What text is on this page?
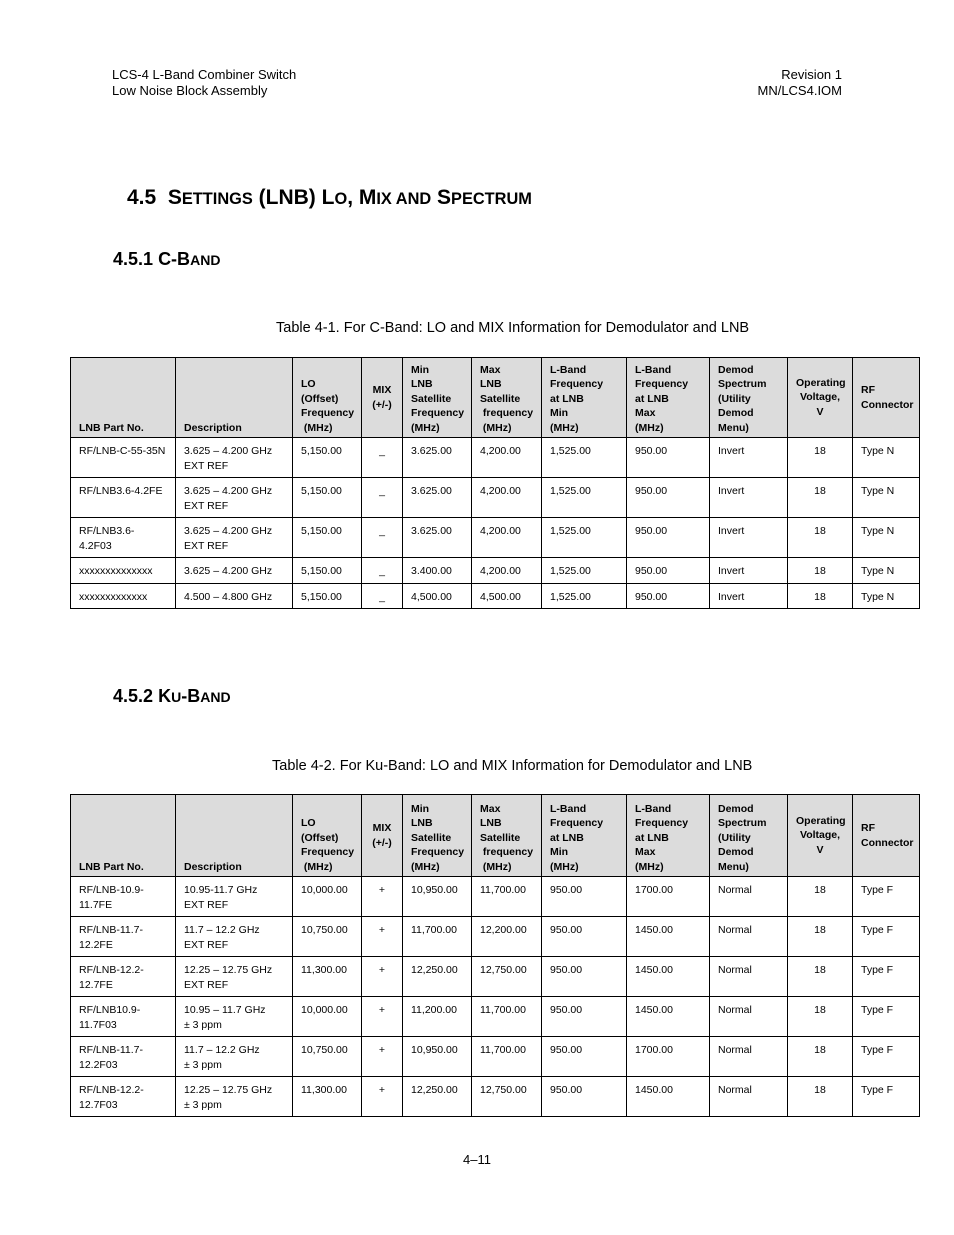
LCS-4 L-Band Combiner Switch
Low Noise Block Assembly
Revision 1
MN/LCS4.IOM
4.5 SETTINGS (LNB) LO, MIX AND SPECTRUM
4.5.1 C-BAND
Table 4-1. For C-Band: LO and MIX Information for Demodulator and LNB
LNB Part No.	Description	LO
(Offset)
Frequency
(MHz)	MIX
(+/-)	Min
LNB
Satellite
Frequency
(MHz)	Max
LNB
Satellite
frequency
(MHz)	L-Band
Frequency
at LNB
Min
(MHz)	L-Band
Frequency
at LNB
Max
(MHz)	Demod
Spectrum
(Utility
Demod
Menu)	Operating
Voltage,
V	RF
Connector

RF/LNB-C-55-35N	3.625 – 4.200 GHz
EXT REF	5,150.00	_	3.625.00	4,200.00	1,525.00	950.00	Invert	18	Type N

RF/LNB3.6-4.2FE	3.625 – 4.200 GHz
EXT REF	5,150.00	_	3.625.00	4,200.00	1,525.00	950.00	Invert	18	Type N

RF/LNB3.6-4.2F03	3.625 – 4.200 GHz
EXT REF	5,150.00	_	3.625.00	4,200.00	1,525.00	950.00	Invert	18	Type N

xxxxxxxxxxxxxx	3.625 – 4.200 GHz	5,150.00	_	3.400.00	4,200.00	1,525.00	950.00	Invert	18	Type N

xxxxxxxxxxxxx	4.500 – 4.800 GHz	5,150.00	_	4,500.00	4,500.00	1,525.00	950.00	Invert	18	Type N
4.5.2 KU-BAND
Table 4-2. For Ku-Band: LO and MIX Information for Demodulator and LNB
LNB Part No.	Description	LO
(Offset)
Frequency
(MHz)	MIX
(+/-)	Min
LNB
Satellite
Frequency
(MHz)	Max
LNB
Satellite
frequency
(MHz)	L-Band
Frequency
at LNB
Min
(MHz)	L-Band
Frequency
at LNB
Max
(MHz)	Demod
Spectrum
(Utility
Demod
Menu)	Operating
Voltage,
V	RF
Connector

RF/LNB-10.9-
11.7FE	10.95-11.7 GHz
EXT REF	10,000.00	+	10,950.00	11,700.00	950.00	1700.00	Normal	18	Type F

RF/LNB-11.7-
12.2FE	11.7 – 12.2 GHz
EXT REF	10,750.00	+	11,700.00	12,200.00	950.00	1450.00	Normal	18	Type F

RF/LNB-12.2-
12.7FE	12.25 – 12.75 GHz
EXT REF	11,300.00	+	12,250.00	12,750.00	950.00	1450.00	Normal	18	Type F

RF/LNB10.9-
11.7F03	10.95 – 11.7 GHz
± 3 ppm	10,000.00	+	11,200.00	11,700.00	950.00	1450.00	Normal	18	Type F

RF/LNB-11.7-
12.2F03	11.7 – 12.2 GHz
± 3 ppm	10,750.00	+	10,950.00	11,700.00	950.00	1700.00	Normal	18	Type F

RF/LNB-12.2-
12.7F03	12.25 – 12.75 GHz
± 3 ppm	11,300.00	+	12,250.00	12,750.00	950.00	1450.00	Normal	18	Type F
4–11
